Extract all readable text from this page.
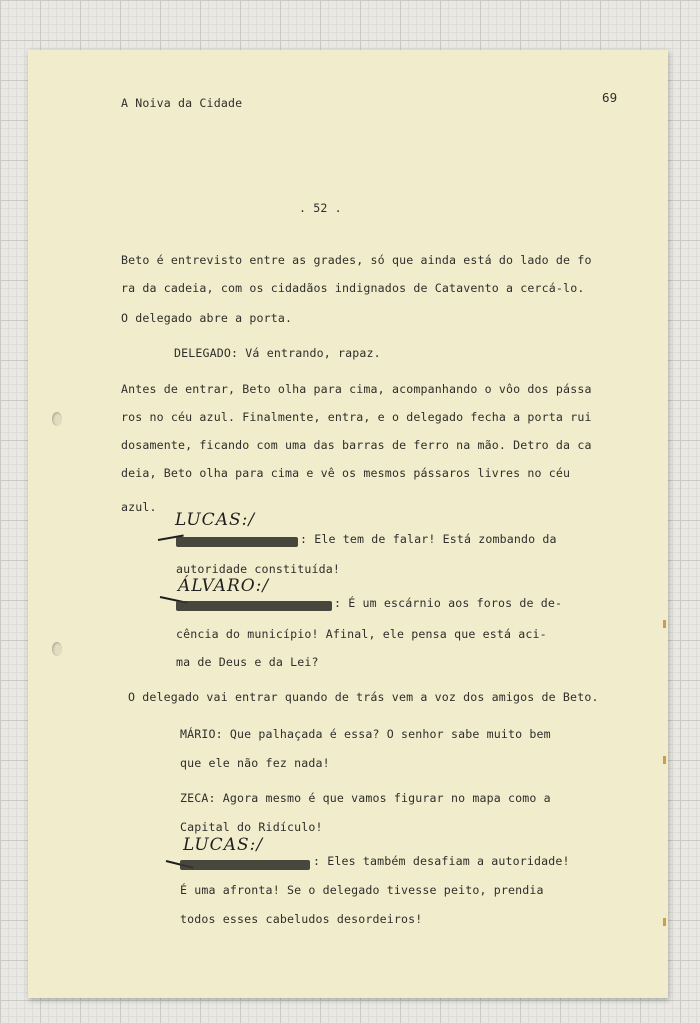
A Noiva da Cidade	69
. 52 .
Beto é entrevisto entre as grades, só que ainda está do lado de fo
ra da cadeia, com os cidadãos indignados de Catavento a cercá-lo.
O delegado abre a porta.
DELEGADO: Vá entrando, rapaz.
Antes de entrar, Beto olha para cima, acompanhando o vôo dos pássa
ros no céu azul. Finalmente, entra, e o delegado fecha a porta rui
dosamente, ficando com uma das barras de ferro na mão. Detro da ca
deia, Beto olha para cima e vê os mesmos pássaros livres no céu
azul.
LUCAS:/
: Ele tem de falar! Está zombando da
autoridade constituída!
ÁLVARO:/
: É um escárnio aos foros de de-
cência do município! Afinal, ele pensa que está aci-
ma de Deus e da Lei?
O delegado vai entrar quando de trás vem a voz dos amigos de Beto.
MÁRIO: Que palhaçada é essa? O senhor sabe muito bem
que ele não fez nada!
ZECA: Agora mesmo é que vamos figurar no mapa como a
Capital do Ridículo!
LUCAS:/
: Eles também desafiam a autoridade!
É uma afronta! Se o delegado tivesse peito, prendia
todos esses cabeludos desordeiros!
